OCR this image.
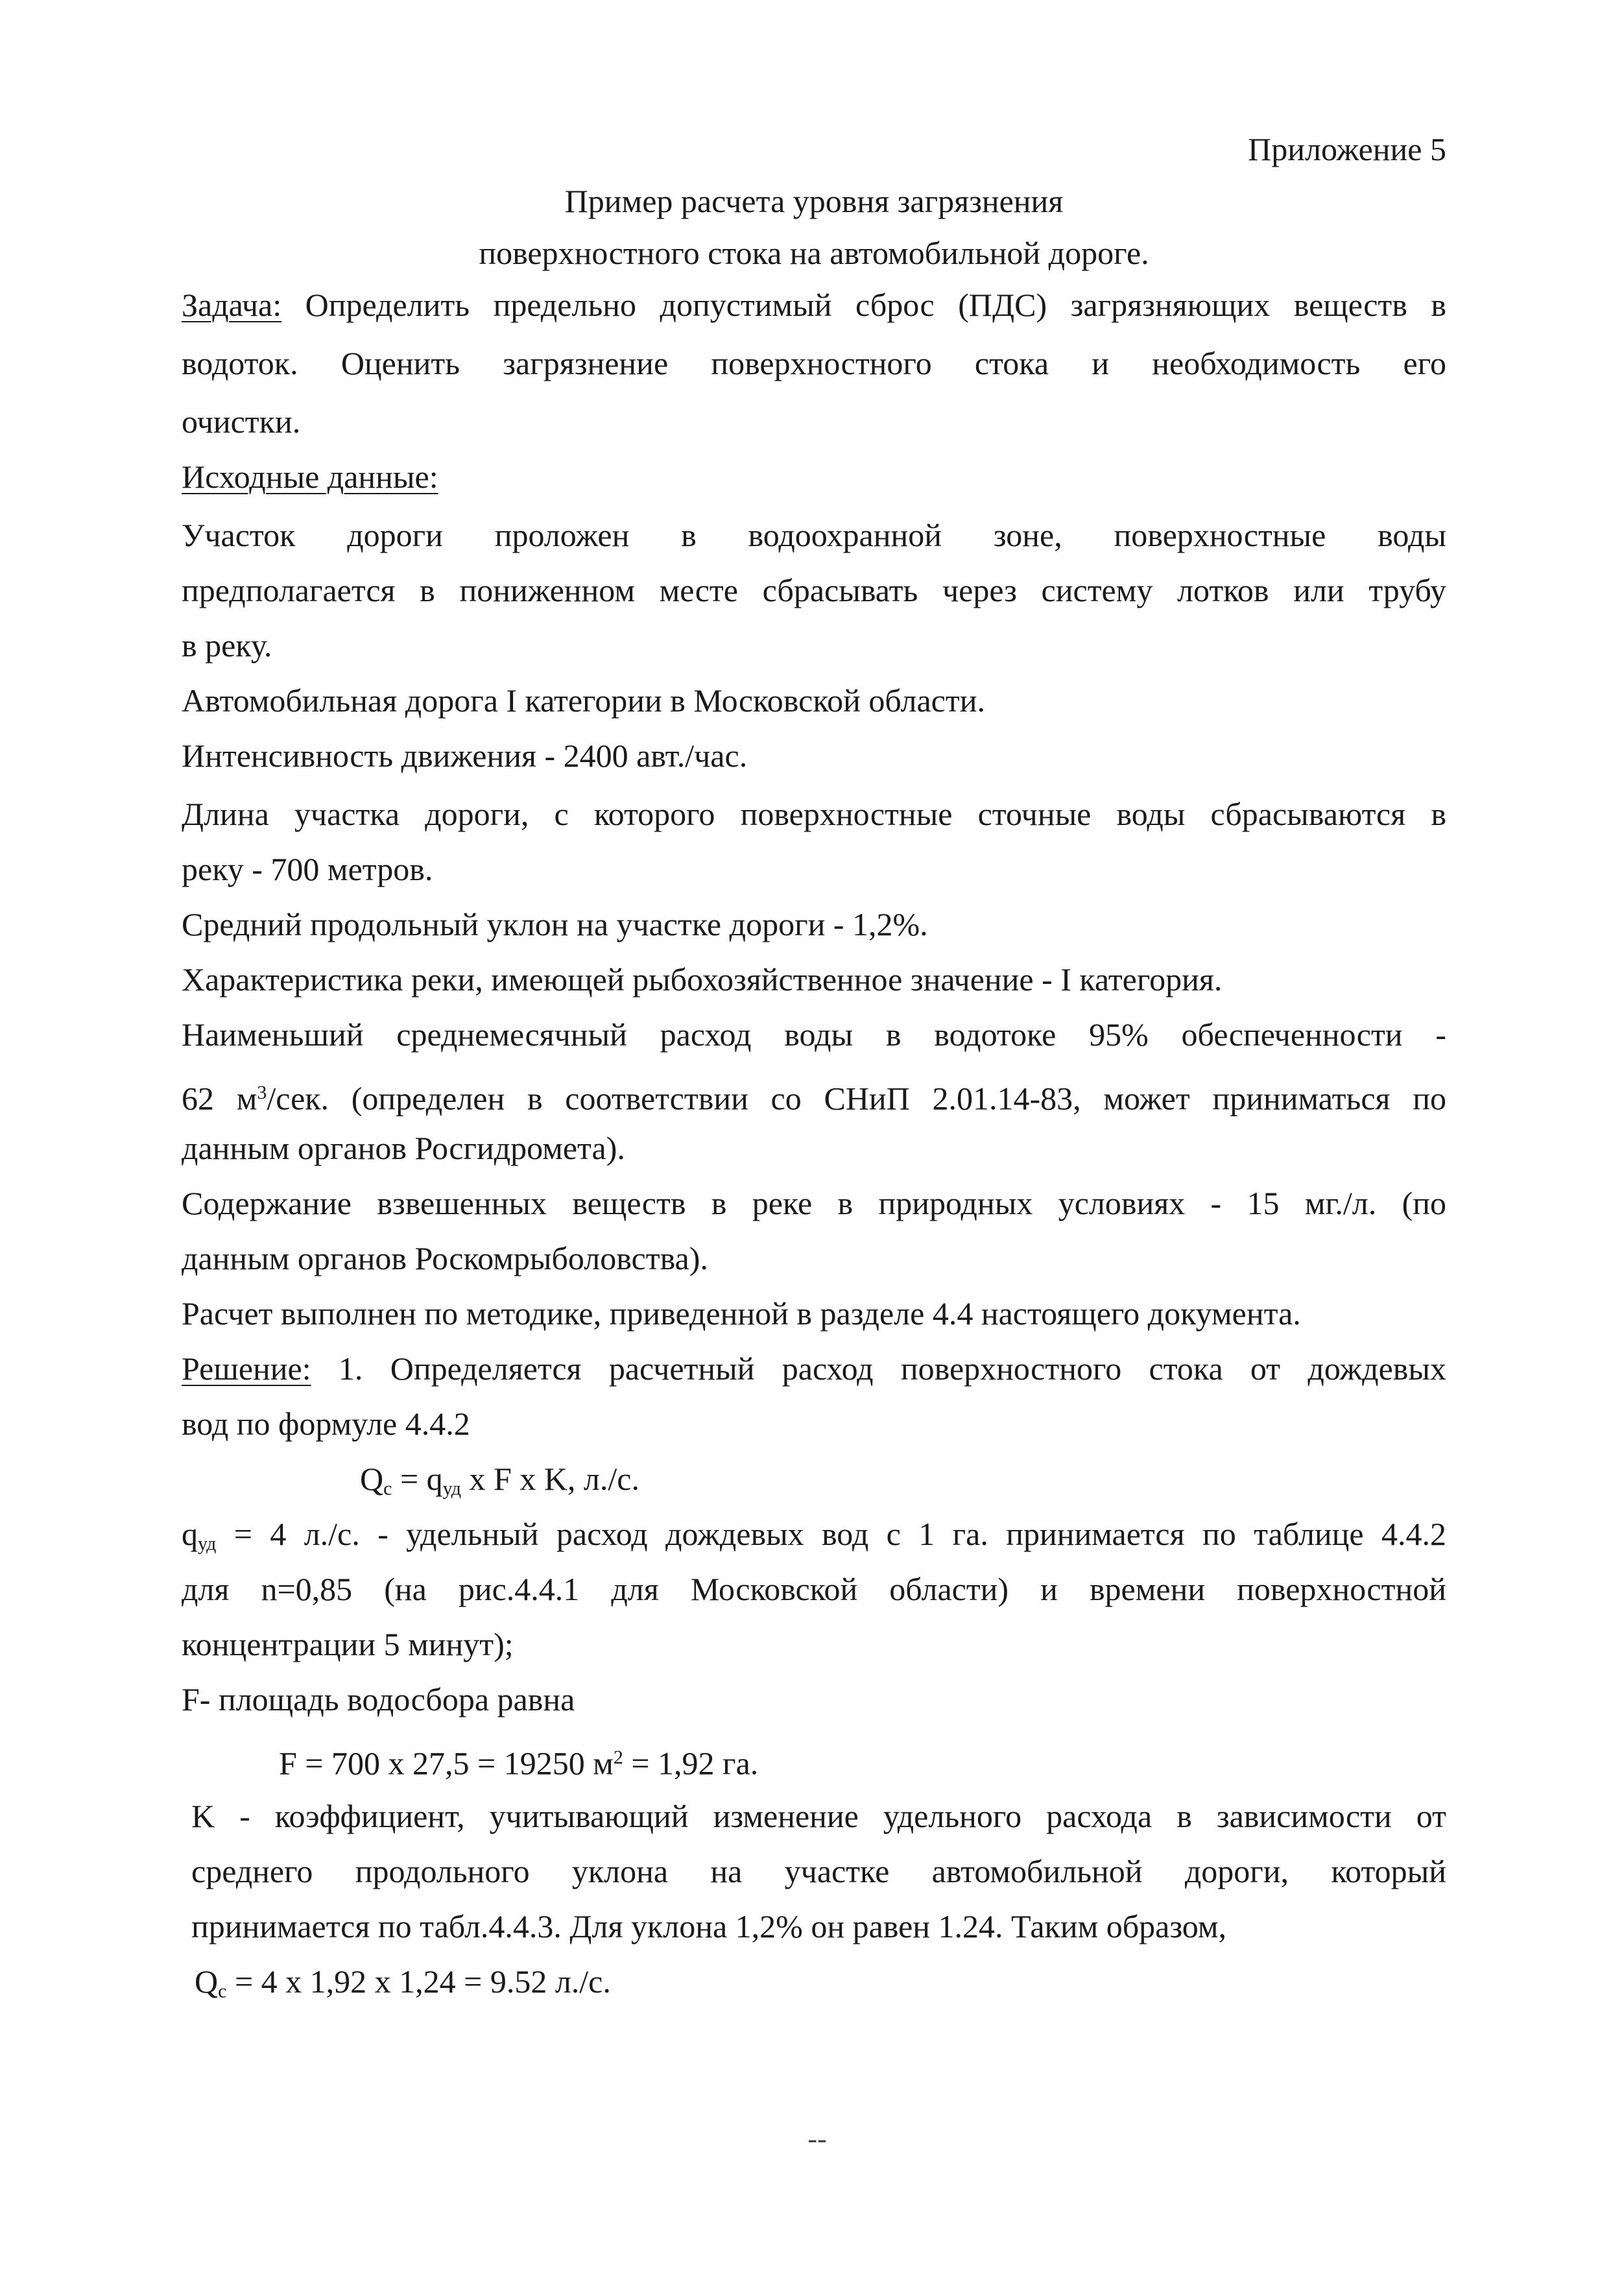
Приложение 5
Пример расчета уровня загрязнения
поверхностного стока на автомобильной дороге.
Задача: Определить предельно допустимый сброс (ПДС) загрязняющих веществ в
водоток. Оценить загрязнение поверхностного стока и необходимость его
очистки.
Исходные данные:
Участок дороги проложен в водоохранной зоне, поверхностные воды
предполагается в пониженном месте сбрасывать через систему лотков или трубу
в реку.
Автомобильная дорога I категории в Московской области.
Интенсивность движения - 2400 авт./час.
Длина участка дороги, с которого поверхностные сточные воды сбрасываются в
реку - 700 метров.
Средний продольный уклон на участке дороги - 1,2%.
Характеристика реки, имеющей рыбохозяйственное значение - I категория.
Наименьший среднемесячный расход воды в водотоке 95% обеспеченности -
62 $м^3$/сек. (определен в соответствии со СНиП 2.01.14-83, может приниматься по
данным органов Росгидромета).
Содержание взвешенных веществ в реке в природных условиях - 15 мг./л. (по
данным органов Роскомрыболовства).
Расчет выполнен по методике, приведенной в разделе 4.4 настоящего документа.
Решение: 1. Определяется расчетный расход поверхностного стока от дождевых
вод по формуле 4.4.2
$Q_c = q_{уд}$ x F x K, л./с.
$q_{уд} = 4$ л./с. - удельный расход дождевых вод с 1 га. принимается по таблице 4.4.2
для n=0,85 (на рис.4.4.1 для Московской области) и времени поверхностной
концентрации 5 минут);
F- площадь водосбора равна
F = 700 x 27,5 = 19250 $м^2 = 1,92$ га.
K - коэффициент, учитывающий изменение удельного расхода в зависимости от
среднего продольного уклона на участке автомобильной дороги, который
принимается по табл.4.4.3. Для уклона 1,2% он равен 1.24. Таким образом,
$Q_c = 4$ x 1,92 x 1,24 = 9.52 л./с.
--
